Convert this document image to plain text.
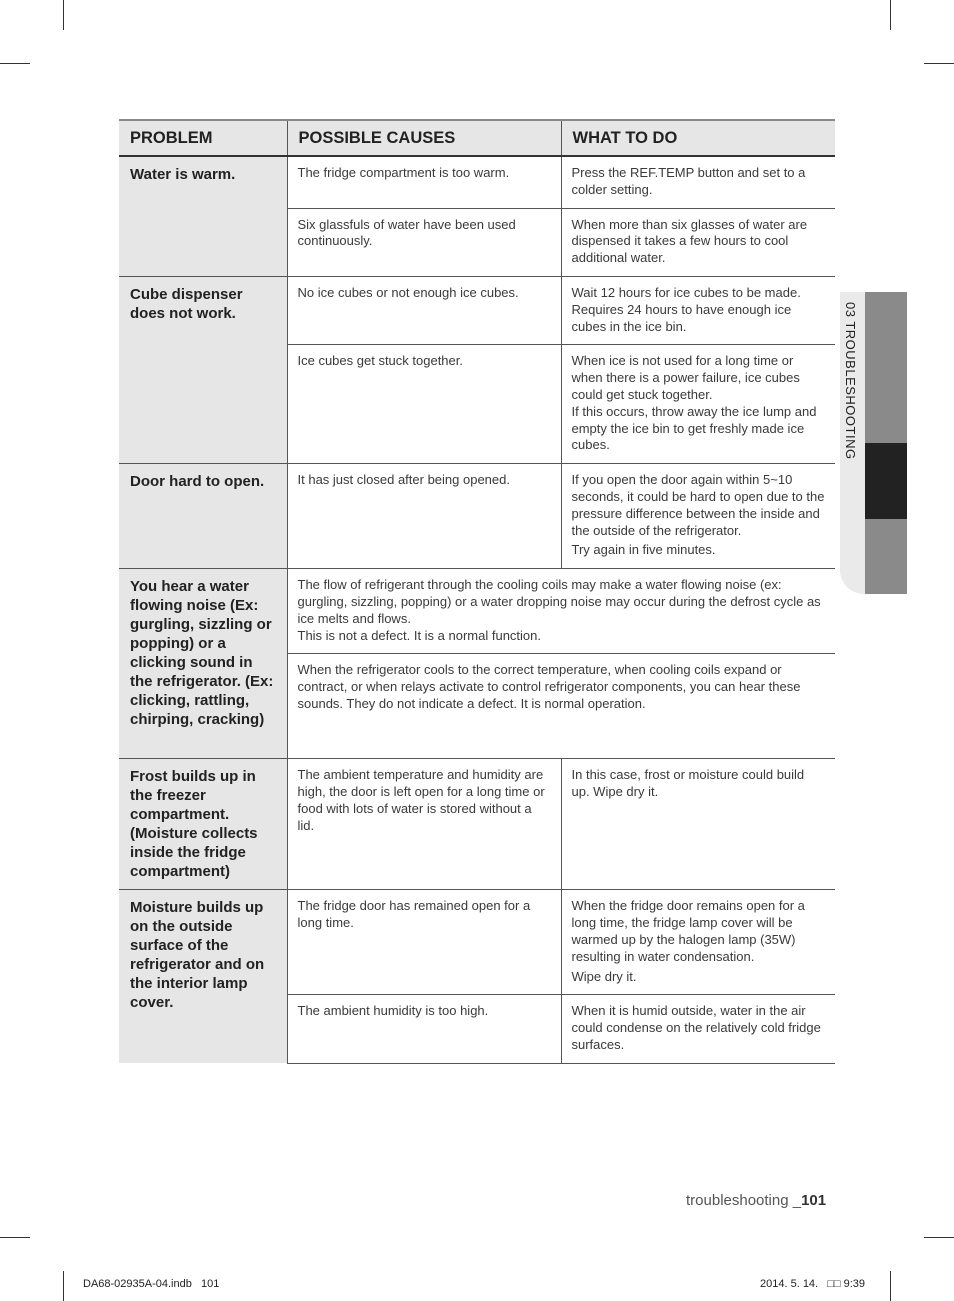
PROBLEM	POSSIBLE CAUSES	WHAT TO DO
Water is warm.	The fridge compartment is too warm.	Press the REF.TEMP button and set to a colder setting.
	Six glassfuls of water have been used continuously.	When more than six glasses of water are dispensed it takes a few hours to cool additional water.
Cube dispenser does not work.	No ice cubes or not enough ice cubes.	Wait 12 hours for ice cubes to be made. Requires 24 hours to have enough ice cubes in the ice bin.
	Ice cubes get stuck together.	When ice is not used for a long time or when there is a power failure, ice cubes could get stuck together.
If this occurs, throw away the ice lump and empty the ice bin to get freshly made ice cubes.

Door hard to open.	It has just closed after being opened.	If you open the door again within 5~10 seconds, it could be hard to open due to the pressure difference between the inside and the outside of the refrigerator.
Try again in five minutes.

You hear a water flowing noise (Ex: gurgling, sizzling or popping) or a clicking sound in the refrigerator. (Ex: clicking, rattling, chirping, cracking)	The flow of refrigerant through the cooling coils may make a water flowing noise (ex: gurgling, sizzling, popping) or a water dropping noise may occur during the defrost cycle as ice melts and flows.
This is not a defect. It is a normal function.	

	When the refrigerator cools to the correct temperature, when cooling coils expand or contract, or when relays activate to control refrigerator components, you can hear these sounds. They do not indicate a defect. It is normal operation.	
Frost builds up in the freezer compartment. (Moisture collects inside the fridge compartment)	The ambient temperature and humidity are high, the door is left open for a long time or food with lots of water is stored without a lid.	In this case, frost or moisture could build up. Wipe dry it.
Moisture builds up on the outside surface of the refrigerator and on the interior lamp cover.	The fridge door has remained open for a long time.	When the fridge door remains open for a long time, the fridge lamp cover will be warmed up by the halogen lamp (35W) resulting in water condensation.
Wipe dry it.

	The ambient humidity is too high.	When it is humid outside, water in the air could condense on the relatively cold fridge surfaces.
03 TROUBLESHOOTING
troubleshooting _101
DA68-02935A-04.indb   101	2014. 5. 14.   □□ 9:39
